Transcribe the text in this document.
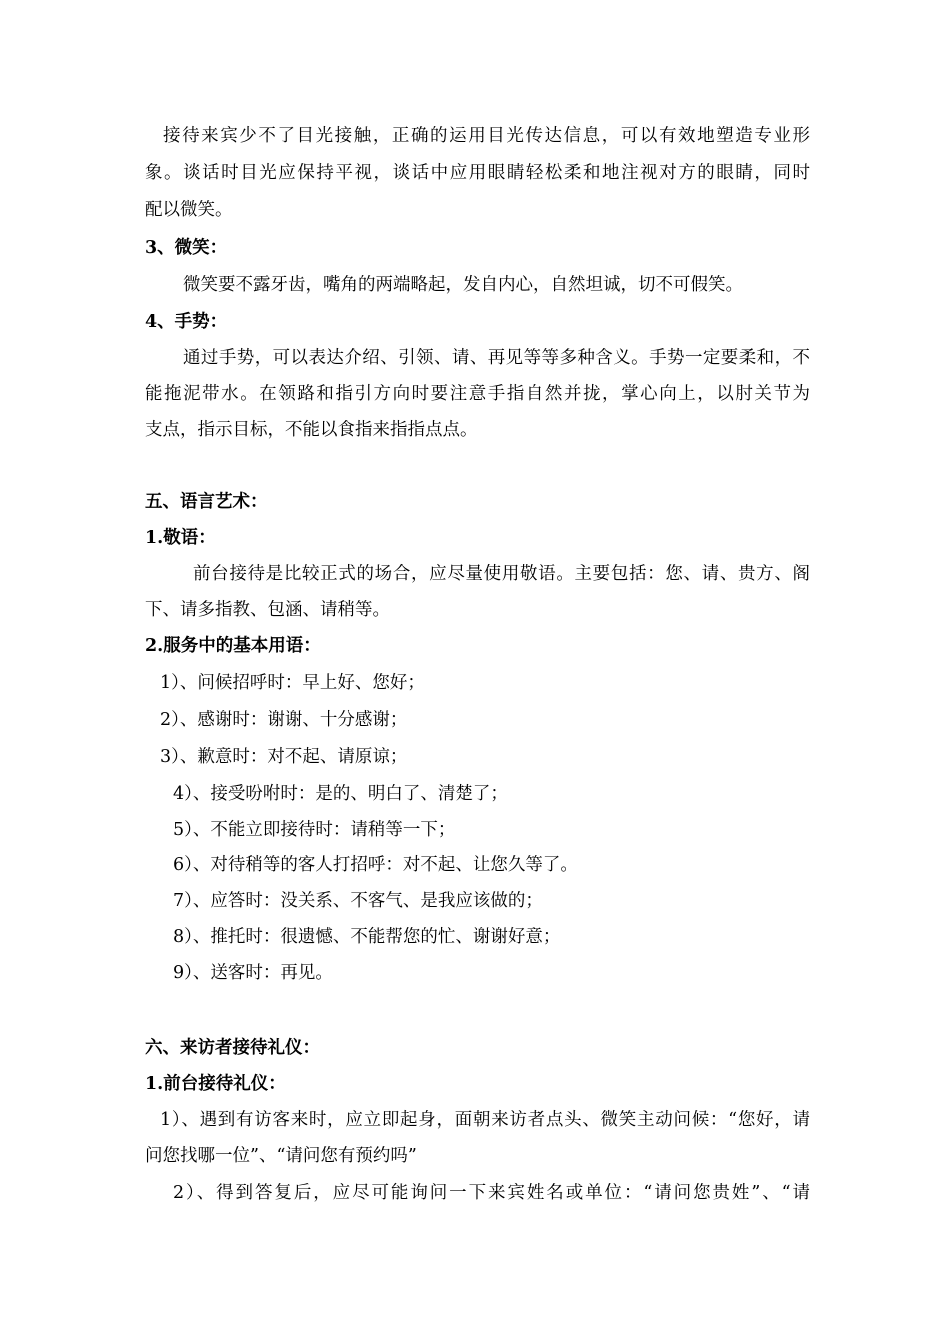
接待来宾少不了目光接触，正确的运用目光传达信息，可以有效地塑造专业形
象。谈话时目光应保持平视，谈话中应用眼睛轻松柔和地注视对方的眼睛，同时
配以微笑。
3、微笑：
微笑要不露牙齿，嘴角的两端略起，发自内心，自然坦诚，切不可假笑。
4、手势：
通过手势，可以表达介绍、引领、请、再见等等多种含义。手势一定要柔和，不
能拖泥带水。在领路和指引方向时要注意手指自然并拢，掌心向上，以肘关节为
支点，指示目标，不能以食指来指指点点。
五、语言艺术：
1.敬语：
前台接待是比较正式的场合，应尽量使用敬语。主要包括：您、请、贵方、阁
下、请多指教、包涵、请稍等。
2.服务中的基本用语：
1）、问候招呼时：早上好、您好；
2）、感谢时：谢谢、十分感谢；
3）、歉意时：对不起、请原谅；
4）、接受吩咐时：是的、明白了、清楚了；
5）、不能立即接待时：请稍等一下；
6）、对待稍等的客人打招呼：对不起、让您久等了。
7）、应答时：没关系、不客气、是我应该做的；
8）、推托时：很遗憾、不能帮您的忙、谢谢好意；
9）、送客时：再见。
六、来访者接待礼仪：
1.前台接待礼仪：
1）、遇到有访客来时，应立即起身，面朝来访者点头、微笑主动问候：“您好，请
问您找哪一位”、“请问您有预约吗”
2）、得到答复后，应尽可能询问一下来宾姓名或单位：“请问您贵姓”、“请
